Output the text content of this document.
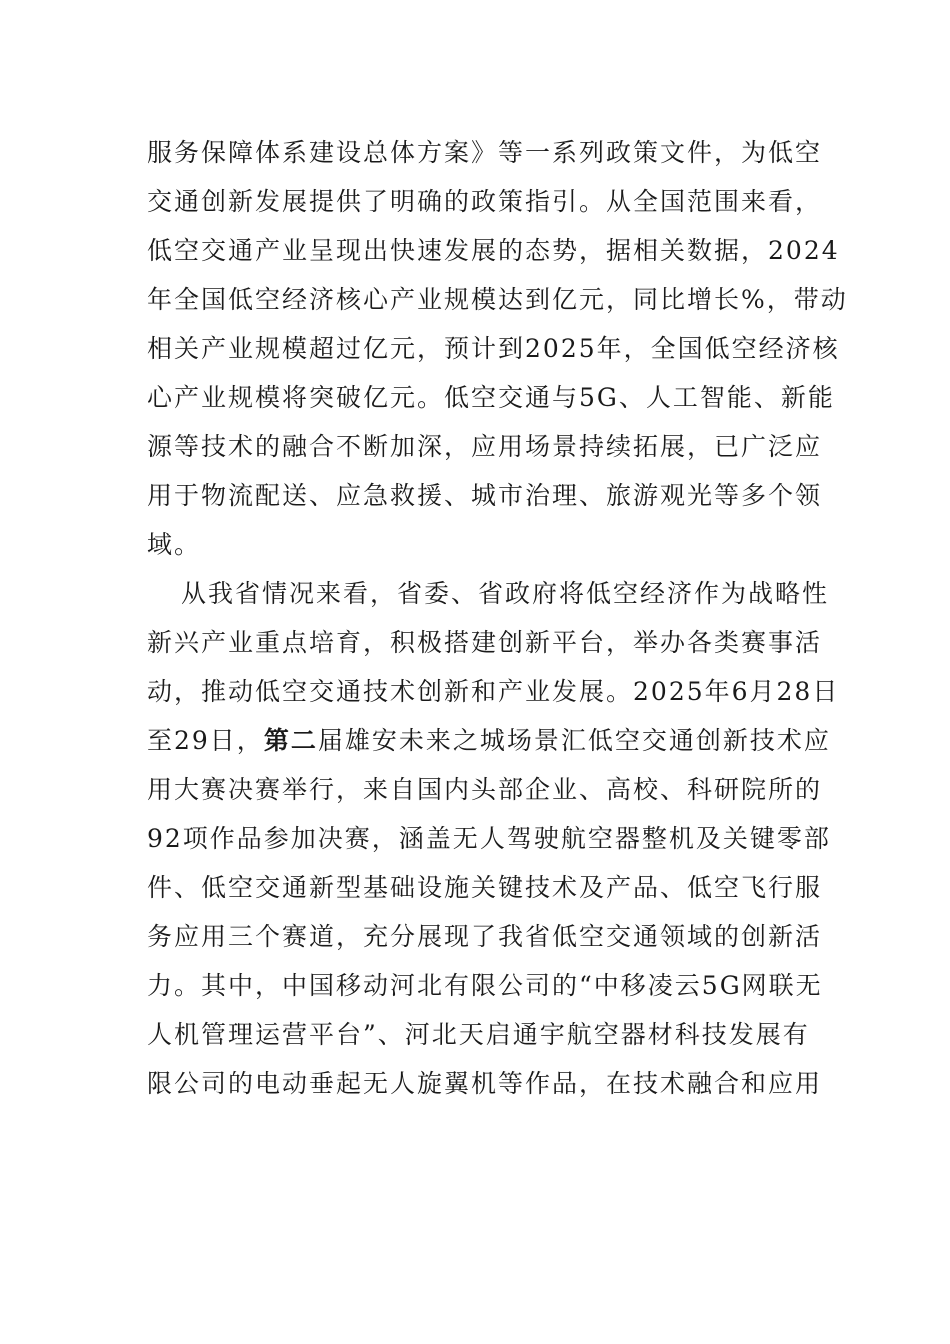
服务保障体系建设总体方案》等一系列政策文件，为低空
交通创新发展提供了明确的政策指引。从全国范围来看，
低空交通产业呈现出快速发展的态势，据相关数据，2024
年全国低空经济核心产业规模达到亿元，同比增长%，带动
相关产业规模超过亿元，预计到2025年，全国低空经济核
心产业规模将突破亿元。低空交通与5G、人工智能、新能
源等技术的融合不断加深，应用场景持续拓展，已广泛应
用于物流配送、应急救援、城市治理、旅游观光等多个领
域。
从我省情况来看，省委、省政府将低空经济作为战略性
新兴产业重点培育，积极搭建创新平台，举办各类赛事活
动，推动低空交通技术创新和产业发展。2025年6月28日
至29日，第二届雄安未来之城场景汇低空交通创新技术应
用大赛决赛举行，来自国内头部企业、高校、科研院所的
92项作品参加决赛，涵盖无人驾驶航空器整机及关键零部
件、低空交通新型基础设施关键技术及产品、低空飞行服
务应用三个赛道，充分展现了我省低空交通领域的创新活
力。其中，中国移动河北有限公司的“中移凌云5G网联无
人机管理运营平台”、河北天启通宇航空器材科技发展有
限公司的电动垂起无人旋翼机等作品，在技术融合和应用
